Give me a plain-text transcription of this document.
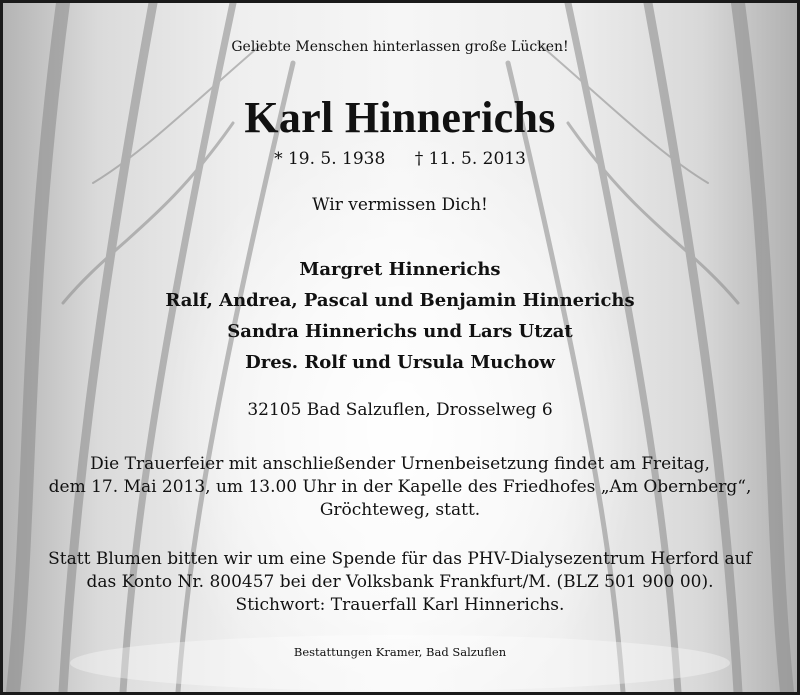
Geliebte Menschen hinterlassen große Lücken!
Karl Hinnerichs
* 19. 5. 1938 † 11. 5. 2013
Wir vermissen Dich!
Margret Hinnerichs
Ralf, Andrea, Pascal und Benjamin Hinnerichs
Sandra Hinnerichs und Lars Utzat
Dres. Rolf und Ursula Muchow
32105 Bad Salzuflen, Drosselweg 6
Die Trauerfeier mit anschließender Urnenbeisetzung findet am Freitag,
dem 17. Mai 2013, um 13.00 Uhr in der Kapelle des Friedhofes „Am Obernberg“,
Gröchteweg, statt.
Statt Blumen bitten wir um eine Spende für das PHV-Dialysezentrum Herford auf
das Konto Nr. 800457 bei der Volksbank Frankfurt/M. (BLZ 501 900 00).
Stichwort: Trauerfall Karl Hinnerichs.
Bestattungen Kramer, Bad Salzuflen
